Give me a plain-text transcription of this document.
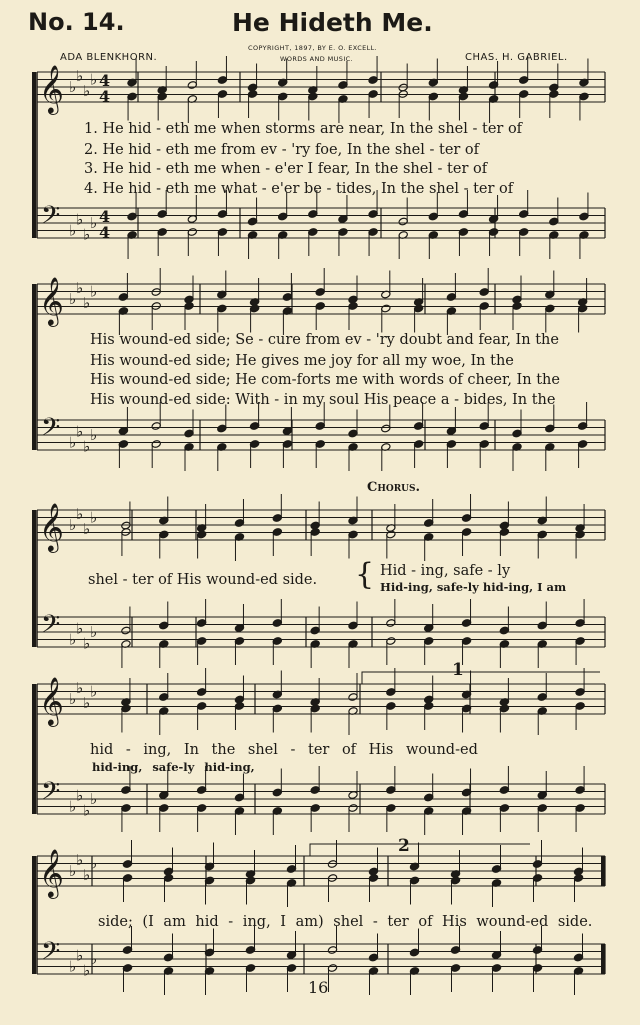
𝄞
𝄢
♭
♭
♭
♭
♭
♭
♭
♭
4
4
4
4
𝄞
𝄢
♭
♭
♭
♭
♭
♭
♭
♭
𝄞
𝄢
♭
♭
♭
♭
♭
♭
♭
♭
𝄞
𝄢
♭
♭
♭
♭
♭
♭
♭
♭
𝄞
𝄢
♭
♭
♭
♭
♭
♭
♭
♭
No. 14.	He Hideth Me.
ADA BLENKHORN.	CHAS. H. GABRIEL.
COPYRIGHT, 1897, BY E. O. EXCELL.
WORDS AND MUSIC.
1. He hid - eth me when storms are near, In the shel - ter of
2. He hid - eth me from ev - 'ry foe, In the shel - ter of
3. He hid - eth me when - e'er I fear, In the shel - ter of
4. He hid - eth me what - e'er be - tides, In the shel - ter of
His wound-ed side; Se - cure from ev - 'ry doubt and fear, In the
His wound-ed side; He gives me joy for all my woe, In the
His wound-ed side; He com-forts me with words of cheer, In the
His wound-ed side: With - in my soul His peace a - bides, In the
Chorus.
shel - ter of His wound-ed side. { Hid - ing, safe - ly
Hid-ing, safe-ly hid-ing, I am
1
hid - ing, In the shel - ter of His wound-ed
hid-ing, safe-ly hid-ing,
2
side; (I am hid - ing, I am) shel - ter of His wound-ed side.
16
